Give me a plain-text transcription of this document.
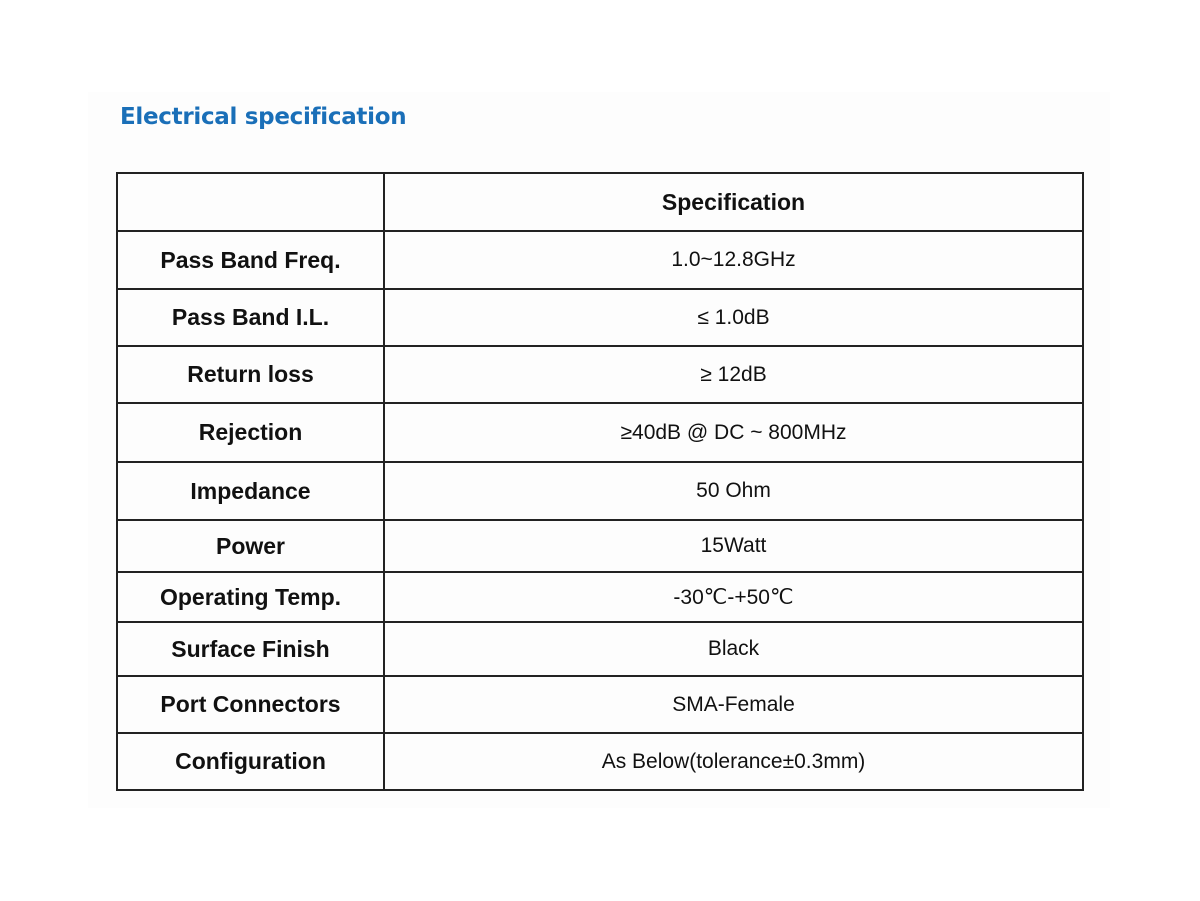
Electrical specification
	Specification
Pass Band Freq.	1.0~12.8GHz
Pass Band I.L.	≤ 1.0dB
Return loss	≥ 12dB
Rejection	≥40dB @ DC ~ 800MHz
Impedance	50 Ohm
Power	15Watt
Operating Temp.	-30℃-+50℃
Surface Finish	Black
Port Connectors	SMA-Female
Configuration	As Below(tolerance±0.3mm)
